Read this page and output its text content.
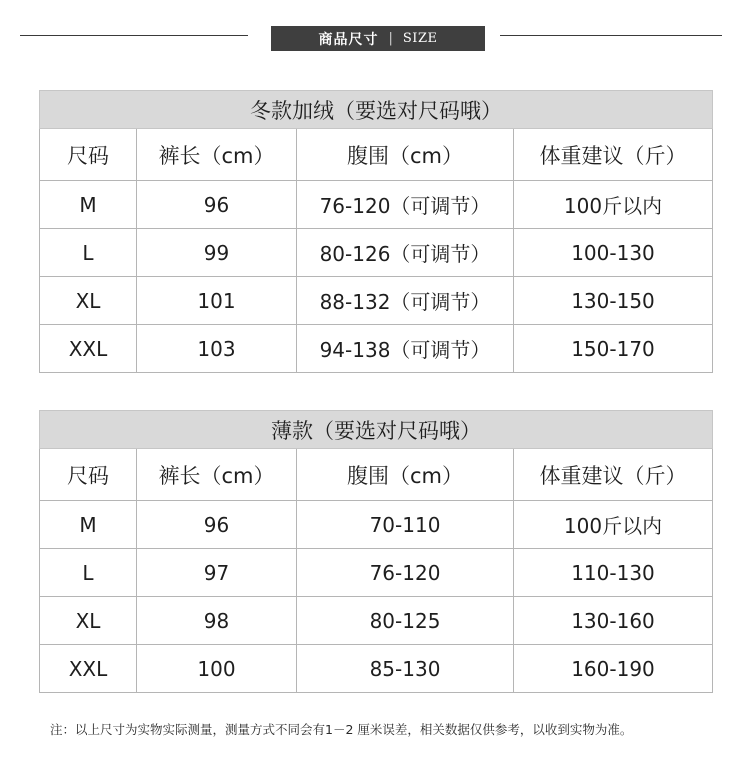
商品尺寸 | SIZE
冬款加绒（要选对尺码哦）			
尺码	裤长（cm）	腹围（cm）	体重建议（斤）
M	96	76-120（可调节）	100斤以内
L	99	80-126（可调节）	100-130
XL	101	88-132（可调节）	130-150
XXL	103	94-138（可调节）	150-170
薄款（要选对尺码哦）			
尺码	裤长（cm）	腹围（cm）	体重建议（斤）
M	96	70-110	100斤以内
L	97	76-120	110-130
XL	98	80-125	130-160
XXL	100	85-130	160-190
注：以上尺寸为实物实际测量，测量方式不同会有1－2 厘米误差，相关数据仅供参考，以收到实物为准。
